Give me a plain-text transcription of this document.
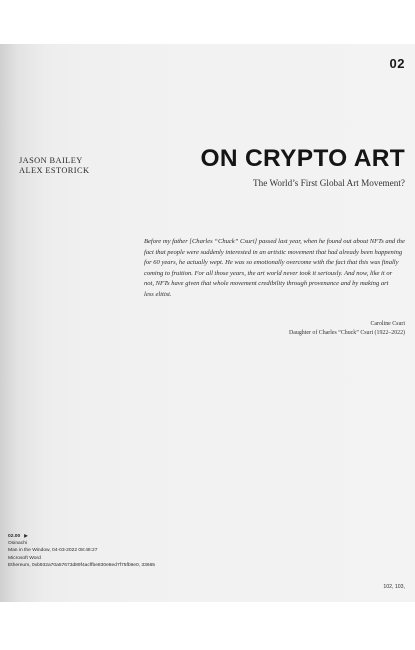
02
JASON BAILEY
ALEX ESTORICK	ON CRYPTO ART
The World’s First Global Art Movement?
Before my father [Charles “Chuck” Csuri] passed last year, when he found out about NFTs and the
fact that people were suddenly interested in an artistic movement that had already been happening
for 60 years, he actually wept. He was so emotionally overcome with the fact that this was finally
coming to fruition. For all those years, the art world never took it seriously. And now, like it or
not, NFTs have given that whole movement credibility through provenance and by making art
less elitist.
Caroline Csuri
Daughter of Charles “Chuck” Csuri (1922–2022)
02.00 ▶
Osinachi
Man in the Window, 04-03-2022 08:48:27
Microsoft Word
Ethereum, 0xb932a70a57673d89f4acffbe830e8ed7f75fb9e0, 33665
102, 103,
